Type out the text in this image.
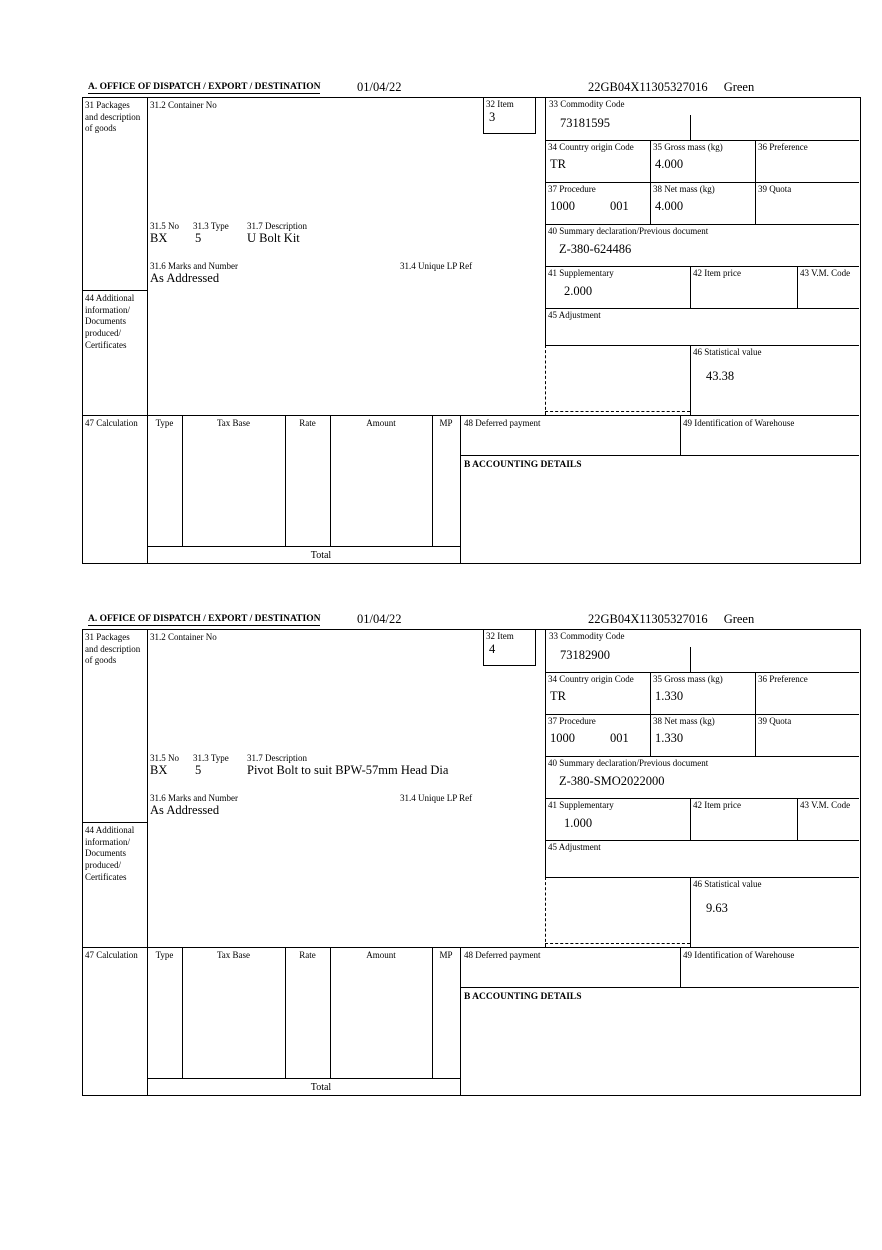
A. OFFICE OF DISPATCH / EXPORT / DESTINATION	01/04/22	22GB04X11305327016 Green
31 Packages and description of goods
44 Additional information/ Documents produced/ Certificates
47 Calculation
31.2 Container No	32 Item
3
31.5 No 31.3 Type 31.7 Description
BX 5	U Bolt Kit
31.6 Marks and Number	31.4 Unique LP Ref
As Addressed
33 Commodity Code
73181595
34 Country origin Code
TR
35 Gross mass (kg)
4.000
36 Preference
37 Procedure
1000	001
38 Net mass (kg)
4.000
39 Quota
40 Summary declaration/Previous document
Z-380-624486
41 Supplementary
2.000
42 Item price	43 V.M. Code
45 Adjustment
46 Statistical value
43.38
Type	Tax Base	Rate	Amount	MP	48 Deferred payment	49 Identification of Warehouse
B ACCOUNTING DETAILS
Total
A. OFFICE OF DISPATCH / EXPORT / DESTINATION	01/04/22	22GB04X11305327016 Green
31 Packages and description of goods
44 Additional information/ Documents produced/ Certificates
47 Calculation
31.2 Container No	32 Item
4
31.5 No 31.3 Type 31.7 Description
BX 5	Pivot Bolt to suit BPW-57mm Head Dia
31.6 Marks and Number	31.4 Unique LP Ref
As Addressed
33 Commodity Code
73182900
34 Country origin Code
TR
35 Gross mass (kg)
1.330
36 Preference
37 Procedure
1000	001
38 Net mass (kg)
1.330
39 Quota
40 Summary declaration/Previous document
Z-380-SMO2022000
41 Supplementary
1.000
42 Item price	43 V.M. Code
45 Adjustment
46 Statistical value
9.63
Type	Tax Base	Rate	Amount	MP	48 Deferred payment	49 Identification of Warehouse
B ACCOUNTING DETAILS
Total
